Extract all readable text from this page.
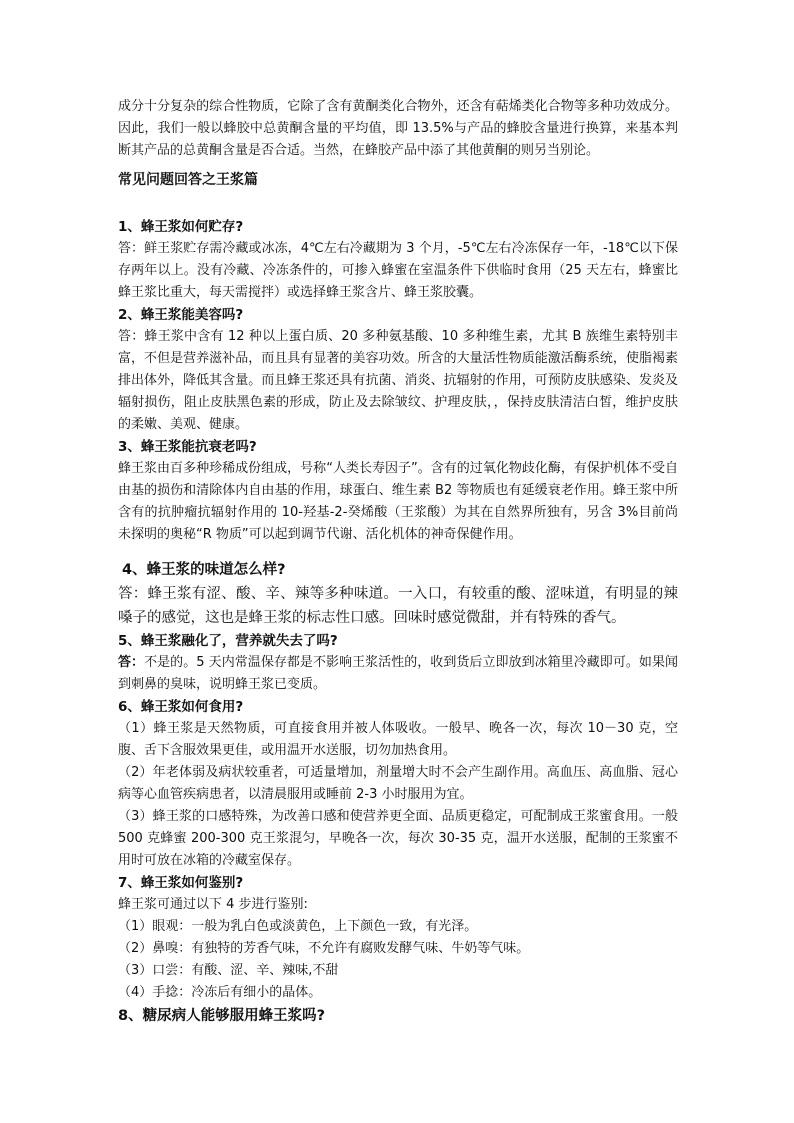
成分十分复杂的综合性物质，它除了含有黄酮类化合物外，还含有萜烯类化合物等多种功效成分。因此，我们一般以蜂胶中总黄酮含量的平均值，即 13.5%与产品的蜂胶含量进行换算，来基本判断其产品的总黄酮含量是否合适。当然，在蜂胶产品中添了其他黄酮的则另当别论。

常见问题回答之王浆篇

1、蜂王浆如何贮存?

答：鲜王浆贮存需冷藏或冰冻，4℃左右冷藏期为 3 个月，-5℃左右冷冻保存一年，-18℃以下保存两年以上。没有冷藏、冷冻条件的，可掺入蜂蜜在室温条件下供临时食用（25 天左右，蜂蜜比蜂王浆比重大，每天需搅拌）或选择蜂王浆含片、蜂王浆胶囊。

2、蜂王浆能美容吗?

答：蜂王浆中含有 12 种以上蛋白质、20 多种氨基酸、10 多种维生素，尤其 B 族维生素特别丰富，不但是营养滋补品，而且具有显著的美容功效。所含的大量活性物质能激活酶系统，使脂褐素排出体外，降低其含量。而且蜂王浆还具有抗菌、消炎、抗辐射的作用，可预防皮肤感染、发炎及辐射损伤，阻止皮肤黑色素的形成，防止及去除皱纹、护理皮肤，，保持皮肤清洁白皙，维护皮肤的柔嫩、美观、健康。

3、蜂王浆能抗衰老吗?

蜂王浆由百多种珍稀成份组成，号称“人类长寿因子”。含有的过氧化物歧化酶，有保护机体不受自由基的损伤和清除体内自由基的作用，球蛋白、维生素 B2 等物质也有延缓衰老作用。蜂王浆中所含有的抗肿瘤抗辐射作用的 10-羟基-2-癸烯酸（王浆酸）为其在自然界所独有，另含 3%目前尚未探明的奥秘“R 物质”可以起到调节代谢、活化机体的神奇保健作用。

4、蜂王浆的味道怎么样?

答：蜂王浆有涩、酸、辛、辣等多种味道。一入口，有较重的酸、涩味道，有明显的辣嗓子的感觉，这也是蜂王浆的标志性口感。回味时感觉微甜，并有特殊的香气。

5、蜂王浆融化了，营养就失去了吗?

答：不是的。5 天内常温保存都是不影响王浆活性的，收到货后立即放到冰箱里冷藏即可。如果闻到刺鼻的臭味，说明蜂王浆已变质。

6、蜂王浆如何食用?

（1）蜂王浆是天然物质，可直接食用并被人体吸收。一般早、晚各一次，每次 10－30 克，空腹、舌下含服效果更佳，或用温开水送服，切勿加热食用。

（2）年老体弱及病状较重者，可适量增加，剂量增大时不会产生副作用。高血压、高血脂、冠心病等心血管疾病患者，以清晨服用或睡前 2-3 小时服用为宜。

（3）蜂王浆的口感特殊，为改善口感和使营养更全面、品质更稳定，可配制成王浆蜜食用。一般 500 克蜂蜜 200-300 克王浆混匀，早晚各一次，每次 30-35 克，温开水送服，配制的王浆蜜不用时可放在冰箱的冷藏室保存。

7、蜂王浆如何鉴别?

蜂王浆可通过以下 4 步进行鉴别:

（1）眼观：一般为乳白色或淡黄色，上下颜色一致，有光泽。

（2）鼻嗅：有独特的芳香气味，不允许有腐败发酵气味、牛奶等气味。

（3）口尝：有酸、涩、辛、辣味,不甜

（4）手捻：冷冻后有细小的晶体。

8、糖尿病人能够服用蜂王浆吗?
